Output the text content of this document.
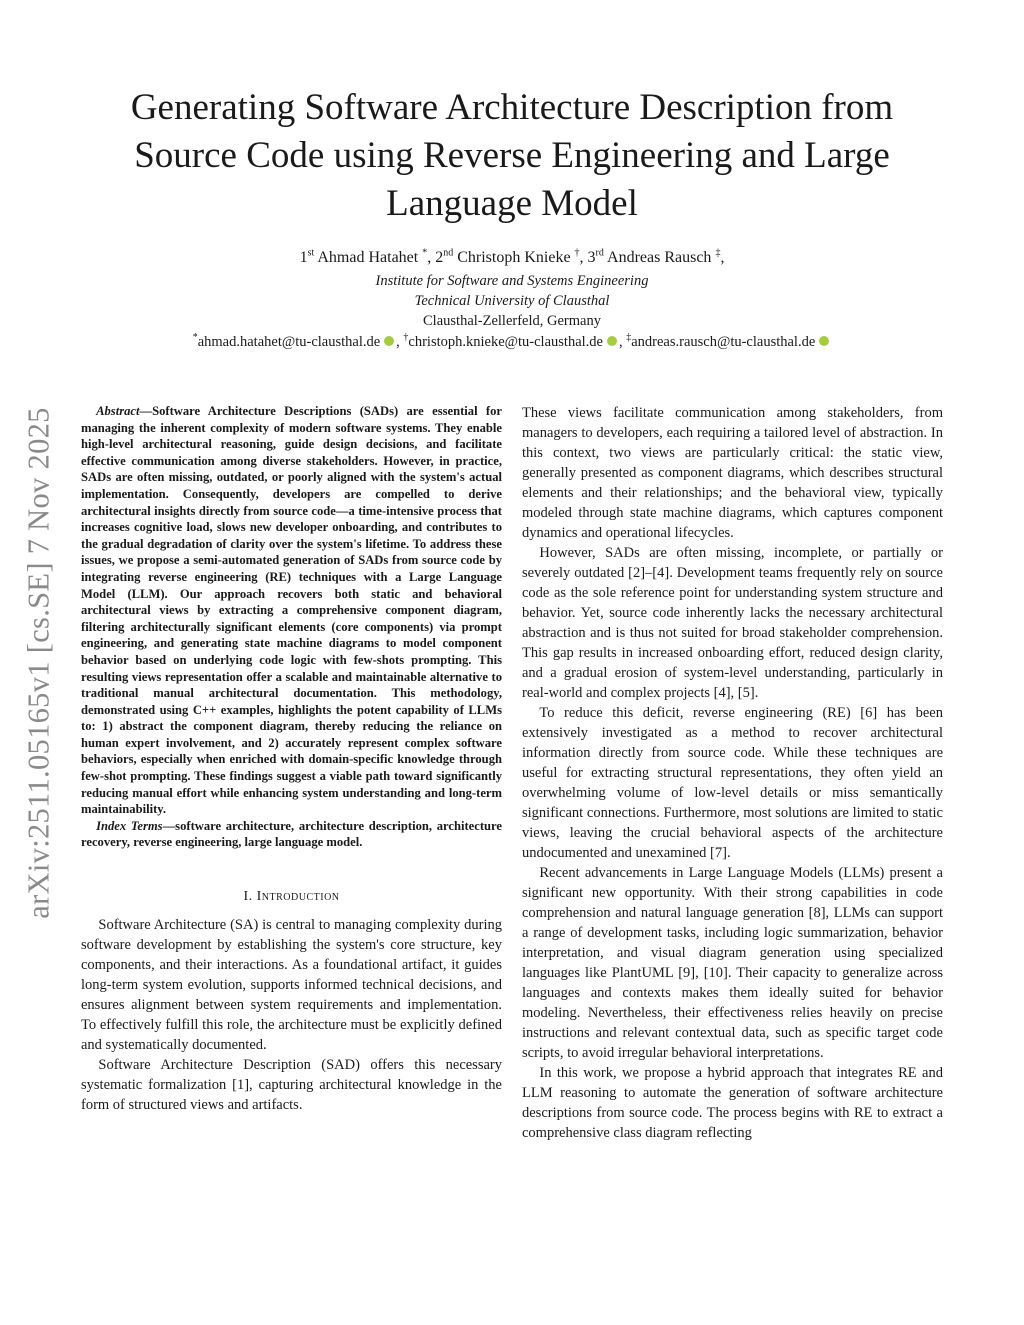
Generating Software Architecture Description from
Source Code using Reverse Engineering and Large
Language Model
1st Ahmad Hatahet *, 2nd Christoph Knieke †, 3rd Andreas Rausch ‡,
Institute for Software and Systems Engineering
Technical University of Clausthal
Clausthal-Zellerfeld, Germany
*ahmad.hatahet@tu-clausthal.de , †christoph.knieke@tu-clausthal.de , ‡andreas.rausch@tu-clausthal.de
arXiv:2511.05165v1 [cs.SE] 7 Nov 2025	Abstract—Software Architecture Descriptions (SADs) are essential for managing the inherent complexity of modern software systems. They enable high-level architectural reasoning, guide design decisions, and facilitate effective communication among diverse stakeholders. However, in practice, SADs are often missing, outdated, or poorly aligned with the system's actual implementation. Consequently, developers are compelled to derive architectural insights directly from source code—a time-intensive process that increases cognitive load, slows new developer onboarding, and contributes to the gradual degradation of clarity over the system's lifetime. To address these issues, we propose a semi-automated generation of SADs from source code by integrating reverse engineering (RE) techniques with a Large Language Model (LLM). Our approach recovers both static and behavioral architectural views by extracting a comprehensive component diagram, filtering architecturally significant elements (core components) via prompt engineering, and generating state machine diagrams to model component behavior based on underlying code logic with few-shots prompting. This resulting views representation offer a scalable and maintainable alternative to traditional manual architectural documentation. This methodology, demonstrated using C++ examples, highlights the potent capability of LLMs to: 1) abstract the component diagram, thereby reducing the reliance on human expert involvement, and 2) accurately represent complex software behaviors, especially when enriched with domain-specific knowledge through few-shot prompting. These findings suggest a viable path toward significantly reducing manual effort while enhancing system understanding and long-term maintainability.

Index Terms—software architecture, architecture description, architecture recovery, reverse engineering, large language model.

I. Introduction

Software Architecture (SA) is central to managing complexity during software development by establishing the system's core structure, key components, and their interactions. As a foundational artifact, it guides long-term system evolution, supports informed technical decisions, and ensures alignment between system requirements and implementation. To effectively fulfill this role, the architecture must be explicitly defined and systematically documented.

Software Architecture Description (SAD) offers this necessary systematic formalization [1], capturing architectural knowledge in the form of structured views and artifacts.

These views facilitate communication among stakeholders, from managers to developers, each requiring a tailored level of abstraction. In this context, two views are particularly critical: the static view, generally presented as component diagrams, which describes structural elements and their relationships; and the behavioral view, typically modeled through state machine diagrams, which captures component dynamics and operational lifecycles.

However, SADs are often missing, incomplete, or partially or severely outdated [2]–[4]. Development teams frequently rely on source code as the sole reference point for understanding system structure and behavior. Yet, source code inherently lacks the necessary architectural abstraction and is thus not suited for broad stakeholder comprehension. This gap results in increased onboarding effort, reduced design clarity, and a gradual erosion of system-level understanding, particularly in real-world and complex projects [4], [5].

To reduce this deficit, reverse engineering (RE) [6] has been extensively investigated as a method to recover architectural information directly from source code. While these techniques are useful for extracting structural representations, they often yield an overwhelming volume of low-level details or miss semantically significant connections. Furthermore, most solutions are limited to static views, leaving the crucial behavioral aspects of the architecture undocumented and unexamined [7].

Recent advancements in Large Language Models (LLMs) present a significant new opportunity. With their strong capabilities in code comprehension and natural language generation [8], LLMs can support a range of development tasks, including logic summarization, behavior interpretation, and visual diagram generation using specialized languages like PlantUML [9], [10]. Their capacity to generalize across languages and contexts makes them ideally suited for behavior modeling. Nevertheless, their effectiveness relies heavily on precise instructions and relevant contextual data, such as specific target code scripts, to avoid irregular behavioral interpretations.

In this work, we propose a hybrid approach that integrates RE and LLM reasoning to automate the generation of software architecture descriptions from source code. The process begins with RE to extract a comprehensive class diagram reflecting
